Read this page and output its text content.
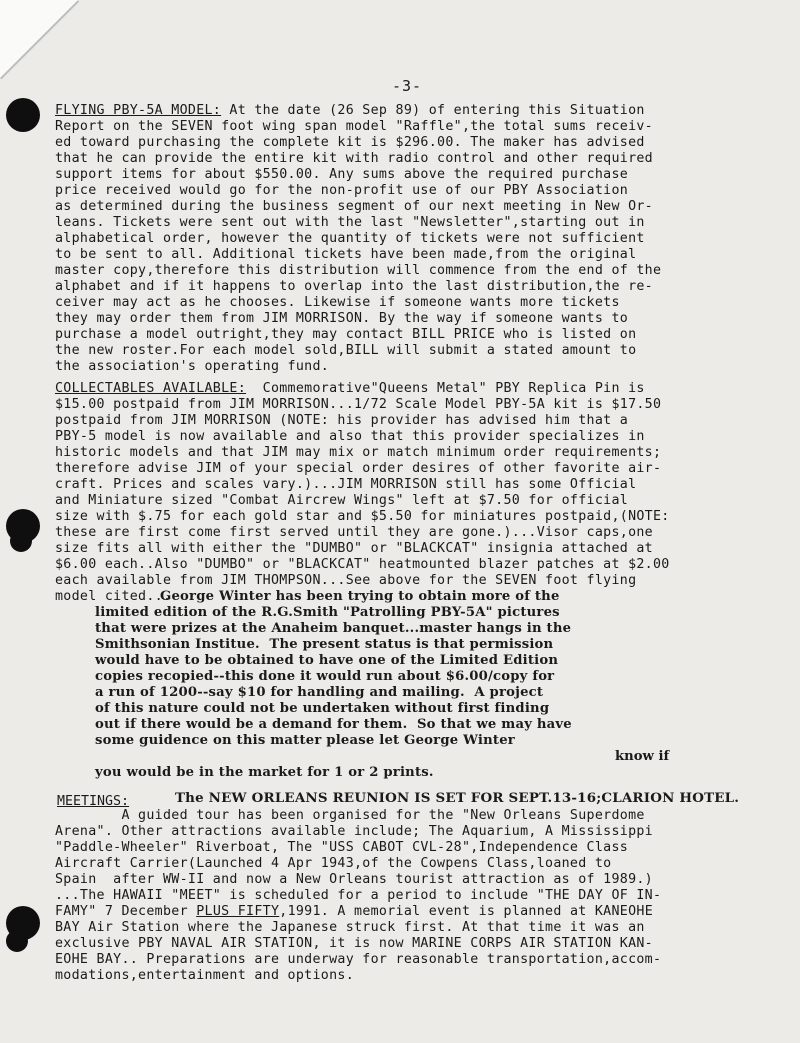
-3-
FLYING PBY-5A MODEL: At the date (26 Sep 89) of entering this Situation
Report on the SEVEN foot wing span model "Raffle",the total sums receiv-
ed toward purchasing the complete kit is $296.00. The maker has advised
that he can provide the entire kit with radio control and other required
support items for about $550.00. Any sums above the required purchase
price received would go for the non-profit use of our PBY Association
as determined during the business segment of our next meeting in New Or-
leans. Tickets were sent out with the last "Newsletter",starting out in
alphabetical order, however the quantity of tickets were not sufficient
to be sent to all. Additional tickets have been made,from the original
master copy,therefore this distribution will commence from the end of the
alphabet and if it happens to overlap into the last distribution,the re-
ceiver may act as he chooses. Likewise if someone wants more tickets
they may order them from JIM MORRISON. By the way if someone wants to
purchase a model outright,they may contact BILL PRICE who is listed on
the new roster.For each model sold,BILL will submit a stated amount to
the association's operating fund.
COLLECTABLES AVAILABLE:  Commemorative"Queens Metal" PBY Replica Pin is
$15.00 postpaid from JIM MORRISON...1/72 Scale Model PBY-5A kit is $17.50
postpaid from JIM MORRISON (NOTE: his provider has advised him that a
PBY-5 model is now available and also that this provider specializes in
historic models and that JIM may mix or match minimum order requirements;
therefore advise JIM of your special order desires of other favorite air-
craft. Prices and scales vary.)...JIM MORRISON still has some Official
and Miniature sized "Combat Aircrew Wings" left at $7.50 for official
size with $.75 for each gold star and $5.50 for miniatures postpaid,(NOTE:
these are first come first served until they are gone.)...Visor caps,one
size fits all with either the "DUMBO" or "BLACKCAT" insignia attached at
$6.00 each..Also "DUMBO" or "BLACKCAT" heatmounted blazer patches at $2.00
each available from JIM THOMPSON...See above for the SEVEN foot flying
model cited...
George Winter has been trying to obtain more of the
limited edition of the R.G.Smith "Patrolling PBY-5A" pictures
that were prizes at the Anaheim banquet...master hangs in the
Smithsonian Institue.  The present status is that permission
would have to be obtained to have one of the Limited Edition
copies recopied--this done it would run about $6.00/copy for
a run of 1200--say $10 for handling and mailing.  A project
of this nature could not be undertaken without first finding
out if there would be a demand for them.  So that we may have
some guidence on this matter please let George Winter
know if
you would be in the market for 1 or 2 prints.
MEETINGS:	The NEW ORLEANS REUNION IS SET FOR SEPT.13-16;CLARION HOTEL.
A guided tour has been organised for the "New Orleans Superdome
Arena". Other attractions available include; The Aquarium, A Mississippi
"Paddle-Wheeler" Riverboat, The "USS CABOT CVL-28",Independence Class
Aircraft Carrier(Launched 4 Apr 1943,of the Cowpens Class,loaned to
Spain  after WW-II and now a New Orleans tourist attraction as of 1989.)
...The HAWAII "MEET" is scheduled for a period to include "THE DAY OF IN-
FAMY" 7 December PLUS FIFTY,1991. A memorial event is planned at KANEOHE
BAY Air Station where the Japanese struck first. At that time it was an
exclusive PBY NAVAL AIR STATION, it is now MARINE CORPS AIR STATION KAN-
EOHE BAY.. Preparations are underway for reasonable transportation,accom-
modations,entertainment and options.
